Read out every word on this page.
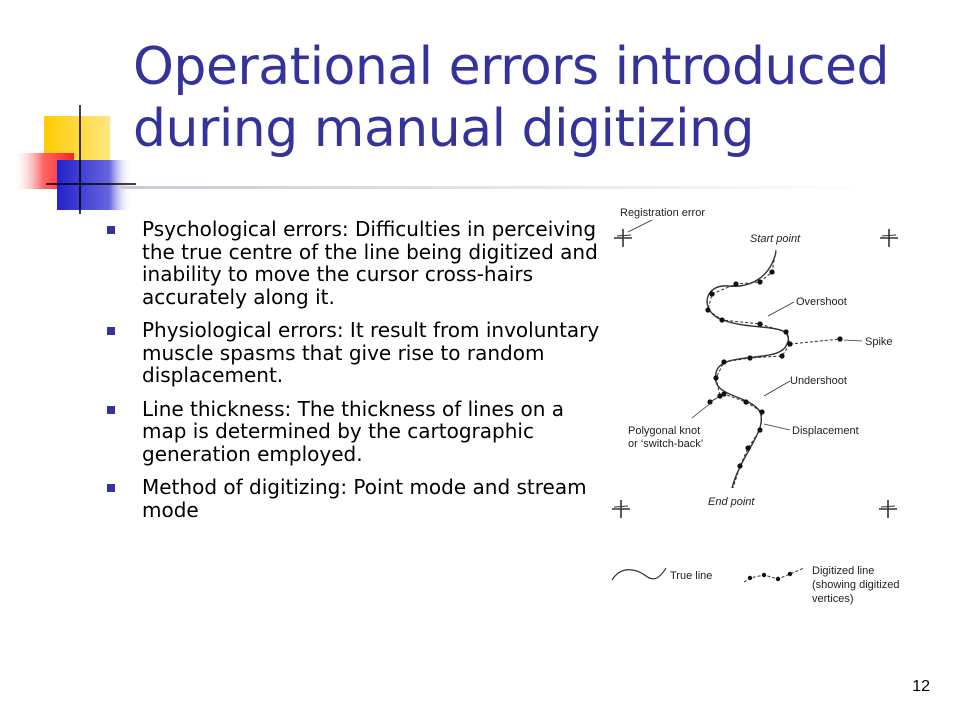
Operational errors introduced
during manual digitizing
Psychological errors: Difficulties in perceiving the true centre of the line being digitized and inability to move the cursor cross-hairs accurately along it.
Physiological errors: It result from involuntary muscle spasms that give rise to random displacement.
Line thickness: The thickness of lines on a map is determined by the cartographic generation employed.
Method of digitizing: Point mode and stream mode
Registration error
Start point
Overshoot
Spike
Undershoot
Polygonal knot
or ‘switch-back’
Displacement
End point
True line	Digitized line
(showing digitized
vertices)
12
